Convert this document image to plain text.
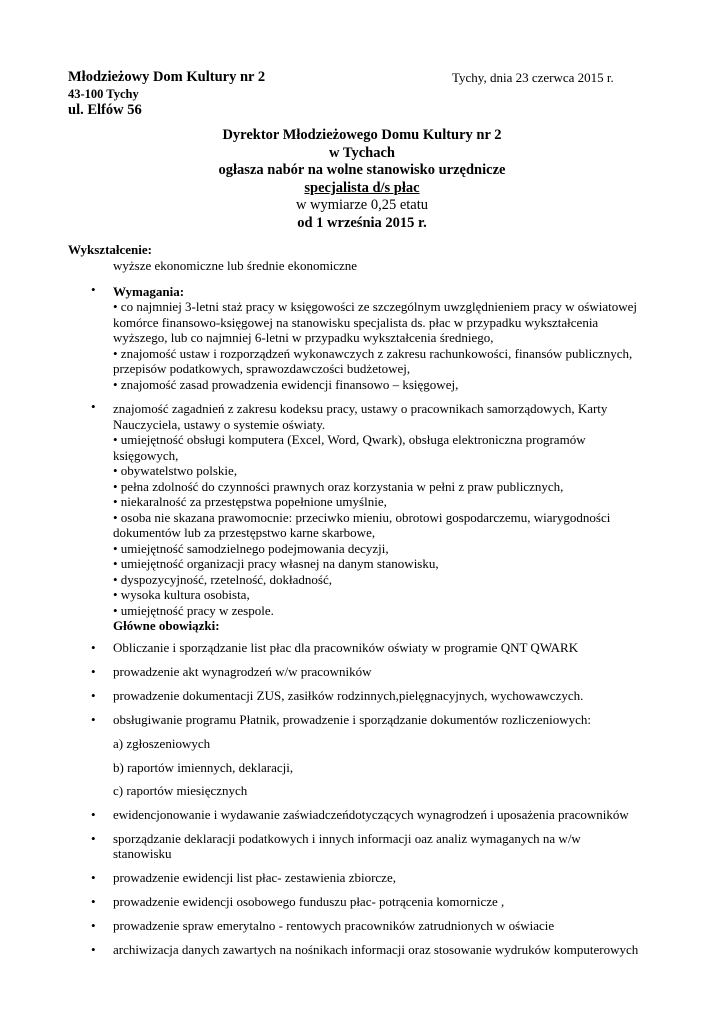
Młodzieżowy Dom Kultury nr 2
43-100 Tychy
ul. Elfów 56
Tychy, dnia 23 czerwca 2015 r.
Dyrektor Młodzieżowego Domu Kultury nr 2
w Tychach
ogłasza nabór na wolne stanowisko urzędnicze
specjalista d/s płac
w wymiarze 0,25 etatu
od 1 września 2015 r.
Wykształcenie:
wyższe ekonomiczne lub średnie ekonomiczne
• Wymagania:
• co najmniej 3-letni staż pracy w księgowości ze szczególnym uwzględnieniem pracy w oświatowej
komórce finansowo-księgowej na stanowisku specjalista ds. płac w przypadku wykształcenia
wyższego, lub co najmniej 6-letni w przypadku wykształcenia średniego,
• znajomość ustaw i rozporządzeń wykonawczych z zakresu rachunkowości, finansów publicznych,
przepisów podatkowych, sprawozdawczości budżetowej,
• znajomość zasad prowadzenia ewidencji finansowo – księgowej,
• znajomość zagadnień z zakresu kodeksu pracy, ustawy o pracownikach samorządowych, Karty
Nauczyciela, ustawy o systemie oświaty.
• umiejętność obsługi komputera (Excel, Word, Qwark), obsługa elektroniczna programów
księgowych,
• obywatelstwo polskie,
• pełna zdolność do czynności prawnych oraz korzystania w pełni z praw publicznych,
• niekaralność za przestępstwa popełnione umyślnie,
• osoba nie skazana prawomocnie: przeciwko mieniu, obrotowi gospodarczemu, wiarygodności
dokumentów lub za przestępstwo karne skarbowe,
• umiejętność samodzielnego podejmowania decyzji,
• umiejętność organizacji pracy własnej na danym stanowisku,
• dyspozycyjność, rzetelność, dokładność,
• wysoka kultura osobista,
• umiejętność pracy w zespole.
Główne obowiązki:
• Obliczanie i sporządzanie list płac dla pracowników oświaty w programie QNT QWARK
• prowadzenie akt wynagrodzeń w/w pracowników
• prowadzenie dokumentacji ZUS, zasiłków rodzinnych,pielęgnacyjnych, wychowawczych.
• obsługiwanie programu Płatnik, prowadzenie i sporządzanie dokumentów rozliczeniowych:
a) zgłoszeniowych
b) raportów imiennych, deklaracji,
c) raportów miesięcznych
• ewidencjonowanie i wydawanie zaświadczeńdotyczących wynagrodzeń i uposażenia pracowników
• sporządzanie deklaracji podatkowych i innych informacji oaz analiz wymaganych na w/w
stanowisku
• prowadzenie ewidencji list płac- zestawienia zbiorcze,
• prowadzenie ewidencji osobowego funduszu płac- potrącenia komornicze ,
• prowadzenie spraw emerytalno - rentowych pracowników zatrudnionych w oświacie
• archiwizacja danych zawartych na nośnikach informacji oraz stosowanie wydruków komputerowych
